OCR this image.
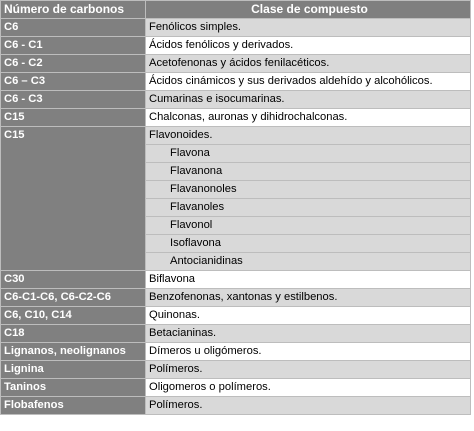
Número de carbonos	Clase de compuesto
C6	Fenólicos simples.
C6 - C1	Ácidos fenólicos y derivados.
C6 - C2	Acetofenonas y ácidos fenilacéticos.
C6 – C3	Ácidos cinámicos y sus derivados aldehído y alcohólicos.
C6 - C3	Cumarinas e isocumarinas.
C15	Chalconas, auronas y dihidrochalconas.
C15	Flavonoides.
	Flavona
	Flavanona
	Flavanonoles
	Flavanoles
	Flavonol
	Isoflavona
	Antocianidinas
C30	Biflavona
C6-C1-C6, C6-C2-C6	Benzofenonas, xantonas y estilbenos.
C6, C10, C14	Quinonas.
C18	Betacianinas.
Lignanos, neolignanos	Dímeros u oligómeros.
Lignina	Polímeros.
Taninos	Oligomeros o polímeros.
Flobafenos	Polímeros.
